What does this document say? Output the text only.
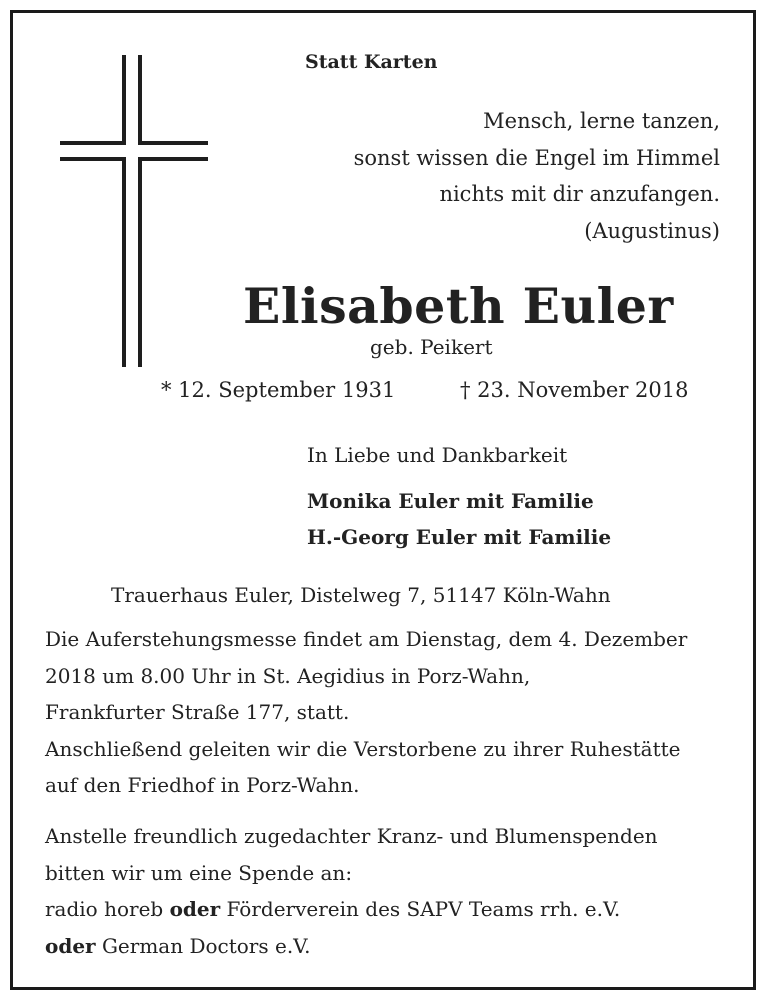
Statt Karten
Mensch, lerne tanzen,
sonst wissen die Engel im Himmel
nichts mit dir anzufangen.
(Augustinus)
Elisabeth Euler
geb. Peikert
* 12. September 1931	† 23. November 2018
In Liebe und Dankbarkeit
Monika Euler mit Familie
H.-Georg Euler mit Familie
Trauerhaus Euler, Distelweg 7, 51147 Köln-Wahn
Die Auferstehungsmesse findet am Dienstag, dem 4. Dezember
2018 um 8.00 Uhr in St. Aegidius in Porz-Wahn,
Frankfurter Straße 177, statt.
Anschließend geleiten wir die Verstorbene zu ihrer Ruhestätte
auf den Friedhof in Porz-Wahn.
Anstelle freundlich zugedachter Kranz- und Blumenspenden
bitten wir um eine Spende an:
radio horeb oder Förderverein des SAPV Teams rrh. e.V.
oder German Doctors e.V.
